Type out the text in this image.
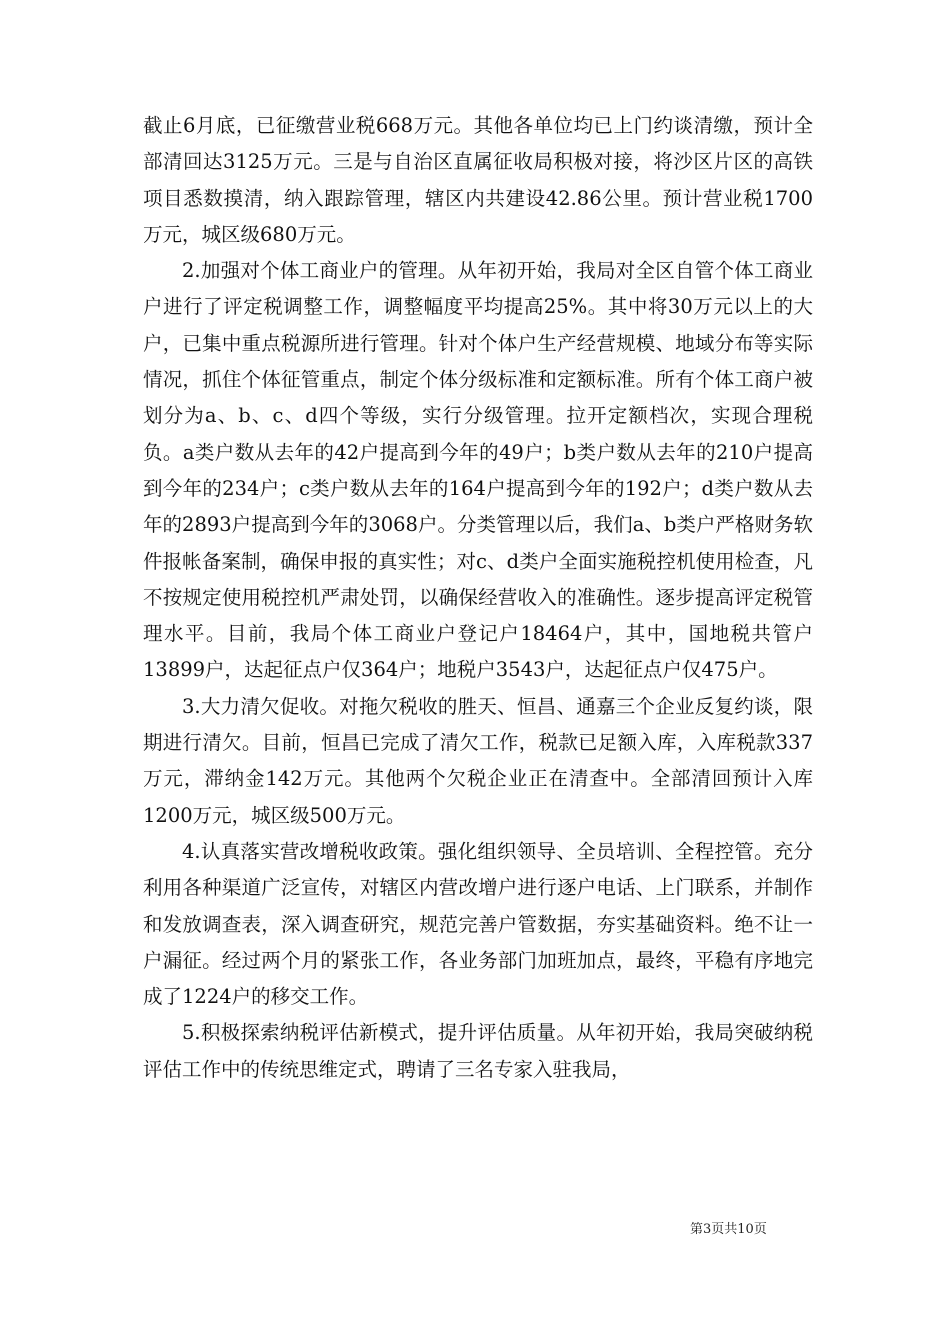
截止6月底，已征缴营业税668万元。其他各单位均已上门约谈清缴，预计全部清回达3125万元。三是与自治区直属征收局积极对接，将沙区片区的高铁项目悉数摸清，纳入跟踪管理，辖区内共建设42.86公里。预计营业税1700万元，城区级680万元。

2.加强对个体工商业户的管理。从年初开始，我局对全区自管个体工商业户进行了评定税调整工作，调整幅度平均提高25%。其中将30万元以上的大户，已集中重点税源所进行管理。针对个体户生产经营规模、地域分布等实际情况，抓住个体征管重点，制定个体分级标准和定额标准。所有个体工商户被划分为a、b、c、d四个等级，实行分级管理。拉开定额档次，实现合理税负。a类户数从去年的42户提高到今年的49户；b类户数从去年的210户提高到今年的234户；c类户数从去年的164户提高到今年的192户；d类户数从去年的2893户提高到今年的3068户。分类管理以后，我们a、b类户严格财务软件报帐备案制，确保申报的真实性；对c、d类户全面实施税控机使用检查，凡不按规定使用税控机严肃处罚，以确保经营收入的准确性。逐步提高评定税管理水平。目前，我局个体工商业户登记户18464户，其中，国地税共管户13899户，达起征点户仅364户；地税户3543户，达起征点户仅475户。

3.大力清欠促收。对拖欠税收的胜天、恒昌、通嘉三个企业反复约谈，限期进行清欠。目前，恒昌已完成了清欠工作，税款已足额入库，入库税款337万元，滞纳金142万元。其他两个欠税企业正在清查中。全部清回预计入库1200万元，城区级500万元。

4.认真落实营改增税收政策。强化组织领导、全员培训、全程控管。充分利用各种渠道广泛宣传，对辖区内营改增户进行逐户电话、上门联系，并制作和发放调查表，深入调查研究，规范完善户管数据，夯实基础资料。绝不让一户漏征。经过两个月的紧张工作，各业务部门加班加点，最终，平稳有序地完成了1224户的移交工作。

5.积极探索纳税评估新模式，提升评估质量。从年初开始，我局突破纳税评估工作中的传统思维定式，聘请了三名专家入驻我局，

第3页共10页
